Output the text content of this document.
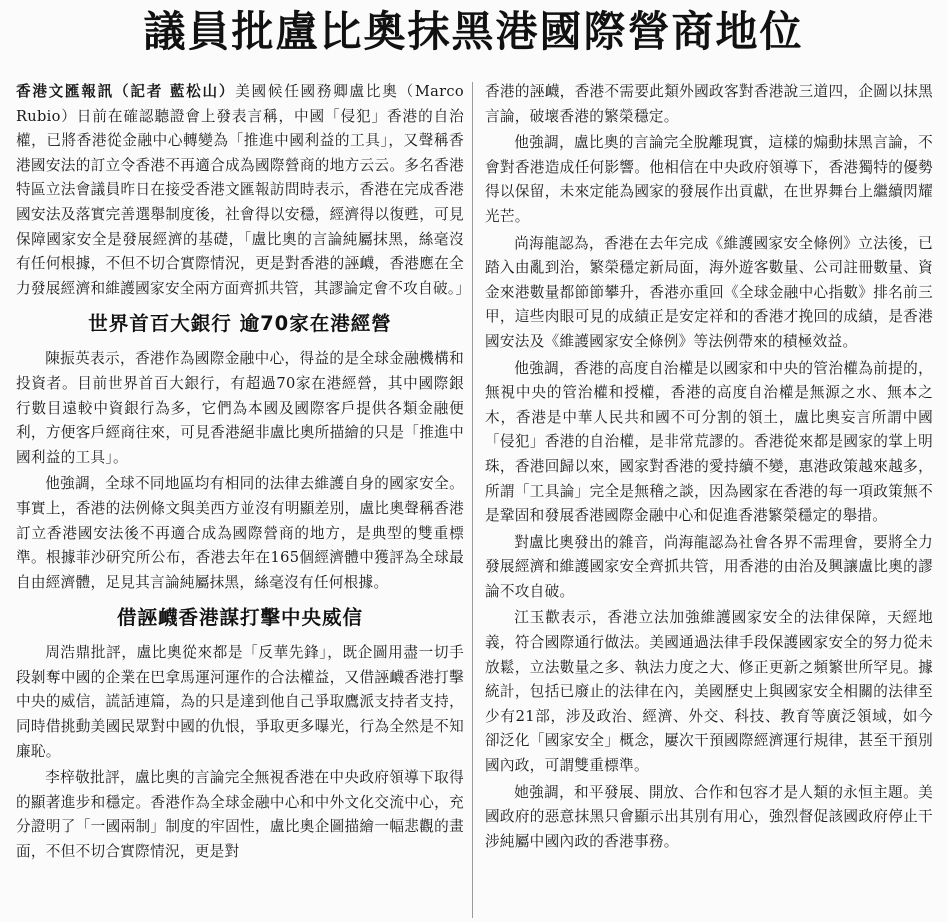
議員批盧比奧抹黑港國際營商地位

香港文匯報訊（記者 藍松山）美國候任國務卿盧比奧（Marco Rubio）日前在確認聽證會上發表言稱，中國「侵犯」香港的自治權，已將香港從金融中心轉變為「推進中國利益的工具」，又聲稱香港國安法的訂立令香港不再適合成為國際營商的地方云云。多名香港特區立法會議員昨日在接受香港文匯報訪問時表示，香港在完成香港國安法及落實完善選舉制度後，社會得以安穩，經濟得以復甦，可見保障國家安全是發展經濟的基礎，「盧比奧的言論純屬抹黑，絲毫沒有任何根據，不但不切合實際情況，更是對香港的誣衊，香港應在全力發展經濟和維護國家安全兩方面齊抓共管，其謬論定會不攻自破。」

世界首百大銀行 逾70家在港經營

陳振英表示，香港作為國際金融中心，得益的是全球金融機構和投資者。目前世界首百大銀行，有超過70家在港經營，其中國際銀行數目遠較中資銀行為多，它們為本國及國際客戶提供各類金融便利，方便客戶經商往來，可見香港絕非盧比奧所描繪的只是「推進中國利益的工具」。

他強調，全球不同地區均有相同的法律去維護自身的國家安全。事實上，香港的法例條文與美西方並沒有明顯差別，盧比奧聲稱香港訂立香港國安法後不再適合成為國際營商的地方，是典型的雙重標準。根據菲沙研究所公布，香港去年在165個經濟體中獲評為全球最自由經濟體，足見其言論純屬抹黑，絲毫沒有任何根據。

借誣衊香港謀打擊中央威信

周浩鼎批評，盧比奧從來都是「反華先鋒」，既企圖用盡一切手段剝奪中國的企業在巴拿馬運河運作的合法權益，又借誣衊香港打擊中央的威信，謊話連篇，為的只是達到他自己爭取鷹派支持者支持，同時借挑動美國民眾對中國的仇恨，爭取更多曝光，行為全然是不知廉恥。

李梓敬批評，盧比奧的言論完全無視香港在中央政府領導下取得的顯著進步和穩定。香港作為全球金融中心和中外文化交流中心，充分證明了「一國兩制」制度的牢固性，盧比奧企圖描繪一幅悲觀的畫面，不但不切合實際情況，更是對

香港的誣衊，香港不需要此類外國政客對香港說三道四，企圖以抹黑言論，破壞香港的繁榮穩定。

他強調，盧比奧的言論完全脫離現實，這樣的煽動抹黑言論，不會對香港造成任何影響。他相信在中央政府領導下，香港獨特的優勢得以保留，未來定能為國家的發展作出貢獻，在世界舞台上繼續閃耀光芒。

尚海龍認為，香港在去年完成《維護國家安全條例》立法後，已踏入由亂到治，繁榮穩定新局面，海外遊客數量、公司註冊數量、資金來港數量都節節攀升，香港亦重回《全球金融中心指數》排名前三甲，這些肉眼可見的成績正是安定祥和的香港才挽回的成績，是香港國安法及《維護國家安全條例》等法例帶來的積極效益。

他強調，香港的高度自治權是以國家和中央的管治權為前提的，無視中央的管治權和授權，香港的高度自治權是無源之水、無本之木，香港是中華人民共和國不可分割的領土，盧比奧妄言所謂中國「侵犯」香港的自治權，是非常荒謬的。香港從來都是國家的掌上明珠，香港回歸以來，國家對香港的愛持續不變，惠港政策越來越多，所謂「工具論」完全是無稽之談，因為國家在香港的每一項政策無不是鞏固和發展香港國際金融中心和促進香港繁榮穩定的舉措。

對盧比奧發出的雜音，尚海龍認為社會各界不需理會，要將全力發展經濟和維護國家安全齊抓共管，用香港的由治及興讓盧比奧的謬論不攻自破。

江玉歡表示，香港立法加強維護國家安全的法律保障，天經地義，符合國際通行做法。美國通過法律手段保護國家安全的努力從未放鬆，立法數量之多、執法力度之大、修正更新之頻繁世所罕見。據統計，包括已廢止的法律在內，美國歷史上與國家安全相關的法律至少有21部，涉及政治、經濟、外交、科技、教育等廣泛領域，如今卻泛化「國家安全」概念，屢次干預國際經濟運行規律，甚至干預別國內政，可謂雙重標準。

她強調，和平發展、開放、合作和包容才是人類的永恒主題。美國政府的惡意抹黑只會顯示出其別有用心，強烈督促該國政府停止干涉純屬中國內政的香港事務。
